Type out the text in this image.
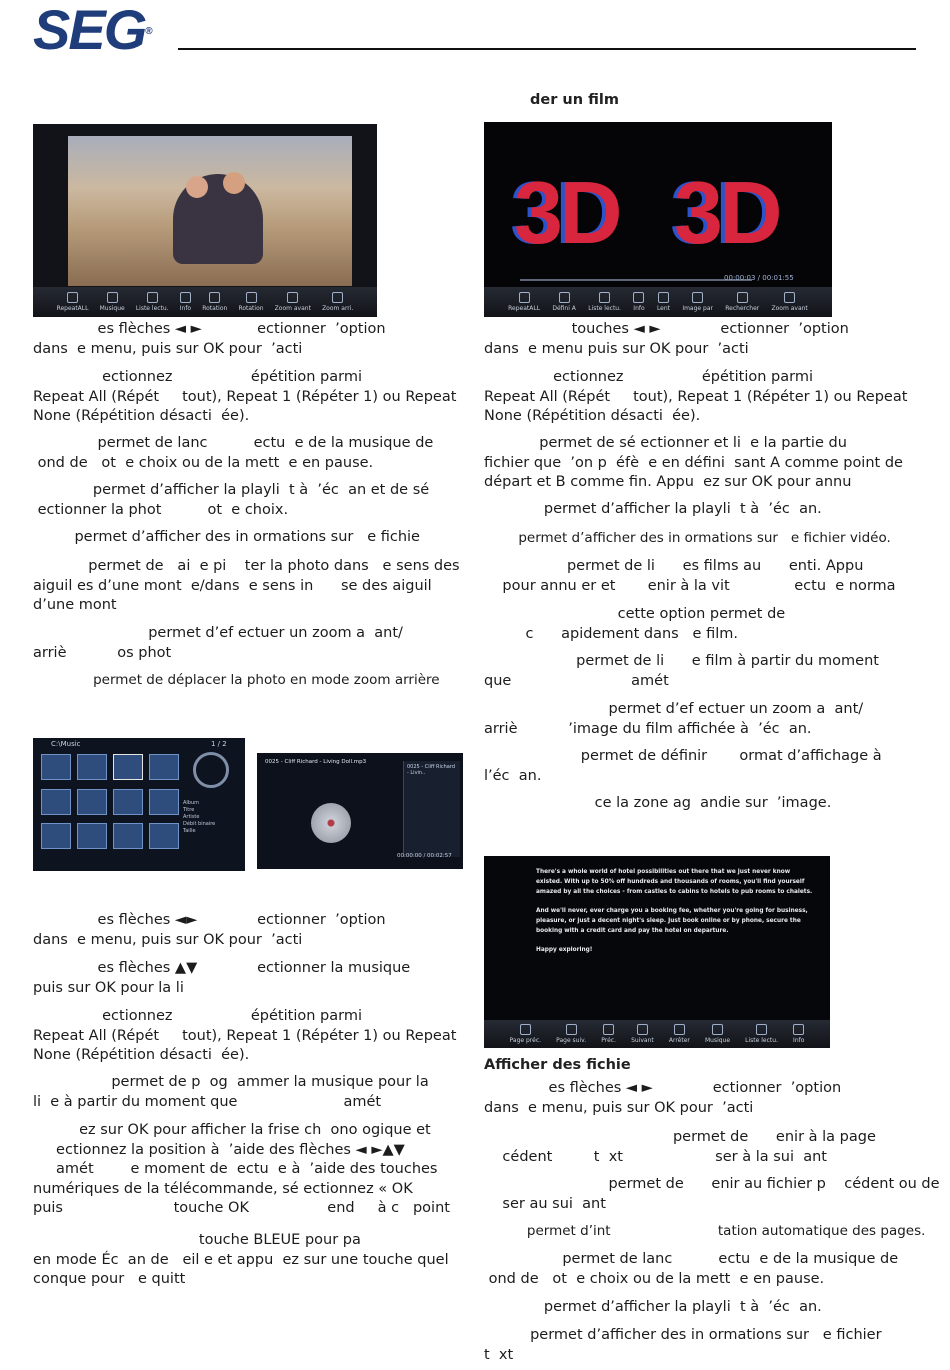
SEG®
der un film
RepeatALL Musique Liste lectu. Info Rotation Rotation Zoom avant Zoom arri.
3D 3D
00:00:03 / 00:01:55
RepeatALL Défini A Liste lectu. Info Lent Image par Rechercher Zoom avant
C:\Music	1 / 2
Album
Titre
Artiste
Débit binaire
Taille
0025 - Cliff Richard - Living Doll.mp3
0025 - Cliff Richard - Livin..
00:00:00 / 00:02:57
There's a whole world of hotel possibilities out there that we just never know
existed. With up to 50% off hundreds and thousands of rooms, you'll find yourself
amazed by all the choices - from castles to cabins to hotels to pub rooms to chalets.
And we'll never, ever charge you a booking fee, whether you're going for business,
pleasure, or just a decent night's sleep. Just book online or by phone, secure the
booking with a credit card and pay the hotel on departure.
Happy exploring!
Page préc.	Page suiv.	Préc.	Suivant	Arrêter	Musique	Liste lectu.	Info
Afficher des fichie
es flèches ◄ ►            ectionner  ’option
dans  e menu, puis sur OK pour  ’acti
ectionnez                 épétition parmi
Repeat All (Répét     tout), Repeat 1 (Répéter 1) ou Repeat
None (Répétition désacti  ée).
permet de lanc          ectu  e de la musique de
ond de   ot  e choix ou de la mett  e en pause.
permet d’afficher la playli  t à  ’éc  an et de sé
ectionner la phot          ot  e choix.
permet d’afficher des in ormations sur   e fichie
permet de   ai  e pi    ter la photo dans   e sens des
aiguil es d’une mont  e/dans  e sens in      se des aiguil
d’une mont
permet d’ef ectuer un zoom a  ant/
arriè           os phot
permet de déplacer la photo en mode zoom arrière
es flèches ◄►             ectionner  ’option
dans  e menu, puis sur OK pour  ’acti
es flèches ▲▼             ectionner la musique
puis sur OK pour la li
ectionnez                 épétition parmi
Repeat All (Répét     tout), Repeat 1 (Répéter 1) ou Repeat
None (Répétition désacti  ée).
permet de p  og  ammer la musique pour la
li  e à partir du moment que                       amét
ez sur OK pour afficher la frise ch  ono ogique et
ectionnez la position à  ’aide des flèches ◄ ►▲▼
amét        e moment de  ectu  e à  ’aide des touches
numériques de la télécommande, sé ectionnez « OK
puis                        touche OK                 end     à c   point
touche BLEUE pour pa
en mode Éc  an de   eil e et appu  ez sur une touche quel
conque pour   e quitt
touches ◄ ►             ectionner  ’option
dans  e menu puis sur OK pour  ’acti
ectionnez                 épétition parmi
Repeat All (Répét     tout), Repeat 1 (Répéter 1) ou Repeat
None (Répétition désacti  ée).
permet de sé ectionner et li  e la partie du
fichier que  ’on p  éfè  e en défini  sant A comme point de
départ et B comme fin. Appu  ez sur OK pour annu
permet d’afficher la playli  t à  ’éc  an.
permet d’afficher des in ormations sur   e fichier vidéo.
permet de li      es films au      enti. Appu
pour annu er et       enir à la vit              ectu  e norma
cette option permet de
c      apidement dans   e film.
permet de li      e film à partir du moment
que                          amét
permet d’ef ectuer un zoom a  ant/
arriè           ’image du film affichée à  ’éc  an.
permet de définir       ormat d’affichage à
l’éc  an.
ce la zone ag  andie sur  ’image.
es flèches ◄ ►             ectionner  ’option
dans  e menu, puis sur OK pour  ’acti
permet de      enir à la page
cédent         t  xt                    ser à la sui  ant
permet de      enir au fichier p    cédent ou de
ser au sui  ant
permet d’int                         tation automatique des pages.
permet de lanc          ectu  e de la musique de
ond de   ot  e choix ou de la mett  e en pause.
permet d’afficher la playli  t à  ’éc  an.
permet d’afficher des in ormations sur   e fichier
t  xt
